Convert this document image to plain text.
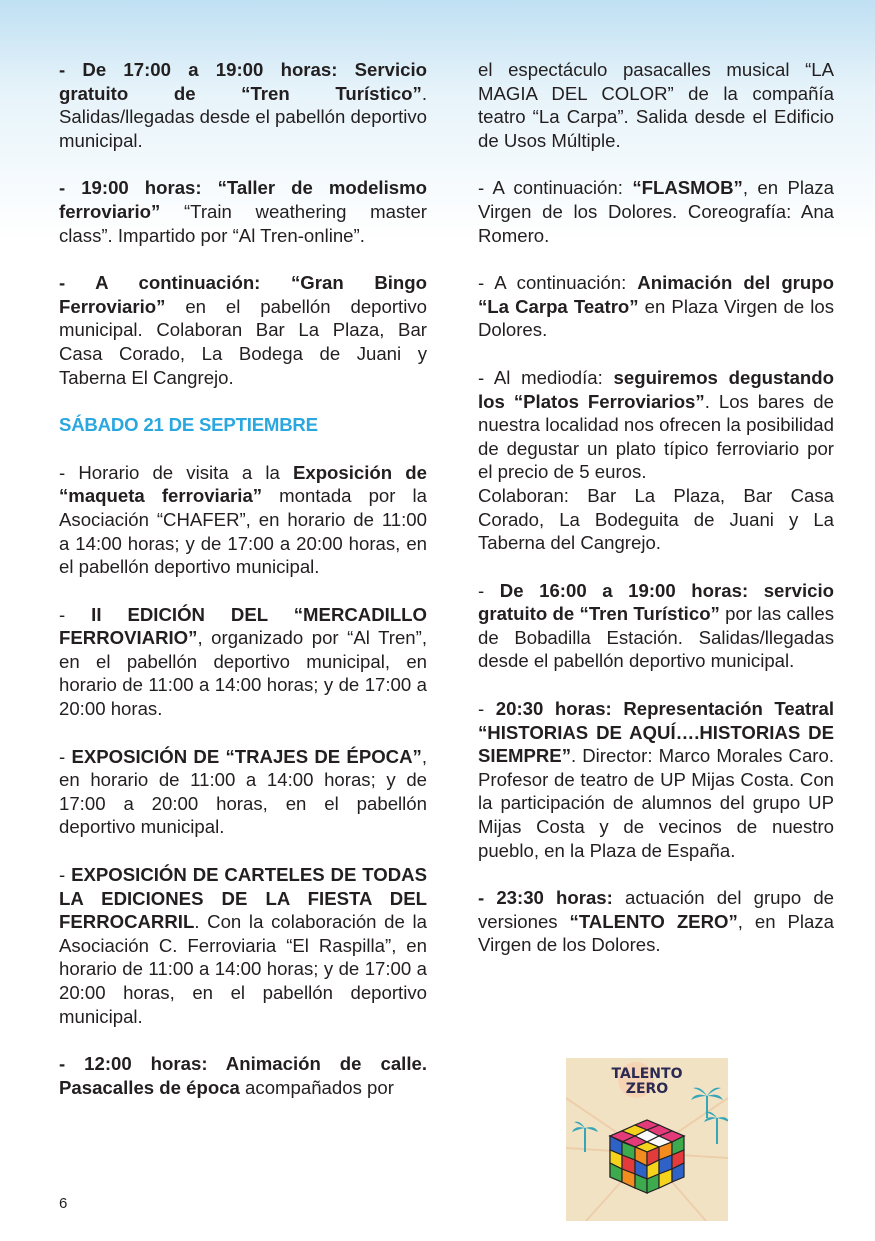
- De 17:00 a 19:00 horas: Servicio gratuito de “Tren Turístico”. Salidas/llegadas desde el pabellón deportivo municipal.

- 19:00 horas: “Taller de modelismo ferroviario” “Train weathering master class”. Impartido por “Al Tren-online”.

- A continuación: “Gran Bingo Ferroviario” en el pabellón deportivo municipal. Colaboran Bar La Plaza, Bar Casa Corado, La Bodega de Juani y Taberna El Cangrejo.

SÁBADO 21 DE SEPTIEMBRE

- Horario de visita a la Exposición de “maqueta ferroviaria” montada por la Asociación “CHAFER”, en horario de 11:00 a 14:00 horas; y de 17:00 a 20:00 horas, en el pabellón deportivo municipal.

- II EDICIÓN DEL “MERCADILLO FERROVIARIO”, organizado por “Al Tren”, en el pabellón deportivo municipal, en horario de 11:00 a 14:00 horas; y de 17:00 a 20:00 horas.

- EXPOSICIÓN DE “TRAJES DE ÉPOCA”, en horario de 11:00 a 14:00 horas; y de 17:00 a 20:00 horas, en el pabellón deportivo municipal.

- EXPOSICIÓN DE CARTELES DE TODAS LA EDICIONES DE LA FIESTA DEL FERROCARRIL. Con la colaboración de la Asociación C. Ferroviaria “El Raspilla”, en horario de 11:00 a 14:00 horas; y de 17:00 a 20:00 horas, en el pabellón deportivo municipal.

- 12:00 horas: Animación de calle. Pasacalles de época acompañados por

el espectáculo pasacalles musical “LA MAGIA DEL COLOR” de la compañía teatro “La Carpa”. Salida desde el Edificio de Usos Múltiple.

- A continuación: “FLASMOB”, en Plaza Virgen de los Dolores. Coreografía: Ana Romero.

- A continuación: Animación del grupo “La Carpa Teatro” en Plaza Virgen de los Dolores.

- Al mediodía: seguiremos degustando los “Platos Ferroviarios”. Los bares de nuestra localidad nos ofrecen la posibilidad de degustar un plato típico ferroviario por el precio de 5 euros.
Colaboran: Bar La Plaza, Bar Casa Corado, La Bodeguita de Juani y La Taberna del Cangrejo.

- De 16:00 a 19:00 horas: servicio gratuito de “Tren Turístico” por las calles de Bobadilla Estación. Salidas/llegadas desde el pabellón deportivo municipal.

- 20:30 horas: Representación Teatral “HISTORIAS DE AQUÍ….HISTORIAS DE SIEMPRE”. Director: Marco Morales Caro. Profesor de teatro de UP Mijas Costa. Con la participación de alumnos del grupo UP Mijas Costa y de vecinos de nuestro pueblo, en la Plaza de España.

- 23:30 horas: actuación del grupo de versiones “TALENTO ZERO”, en Plaza Virgen de los Dolores.

TALENTO
ZERO
6
